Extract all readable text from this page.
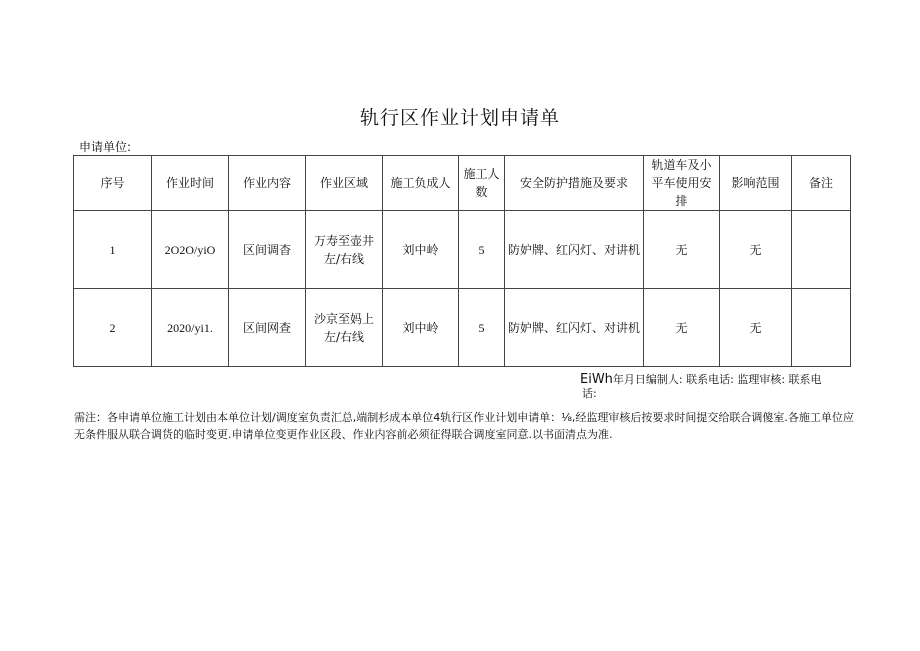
轨行区作业计划申请单
申请单位:
序号	作业时间	作业内容	作业区域	施工负成人	施工人数	安全防护措施及要求	轨道车及小平车使用安排	影响范围	备注
1	2O2O/yiO	区间调杳	万寿至壶井左/右线	刘中岭	5	防妒牌、红闪灯、对讲机	无	无	
2	2020/yi1.	区间网查	沙京至妈上左/右线	刘中岭	5	防妒牌、红闪灯、对讲机	无	无	
EiWh年月日编制人: 联系电话: 监理审核: 联系电
话:
需注：各申请单位施工计划由本单位计划/调度室负责汇总,端制杉成本单位4轨行区作业计划申请单：⅛,经监理审核后按要求时间提交给联合调傻室.各施工单位应无条件服从联合调货的临时变更.申请单位变更作业区段、作业内容前必须征得联合调度室同意.以书面清点为准.
